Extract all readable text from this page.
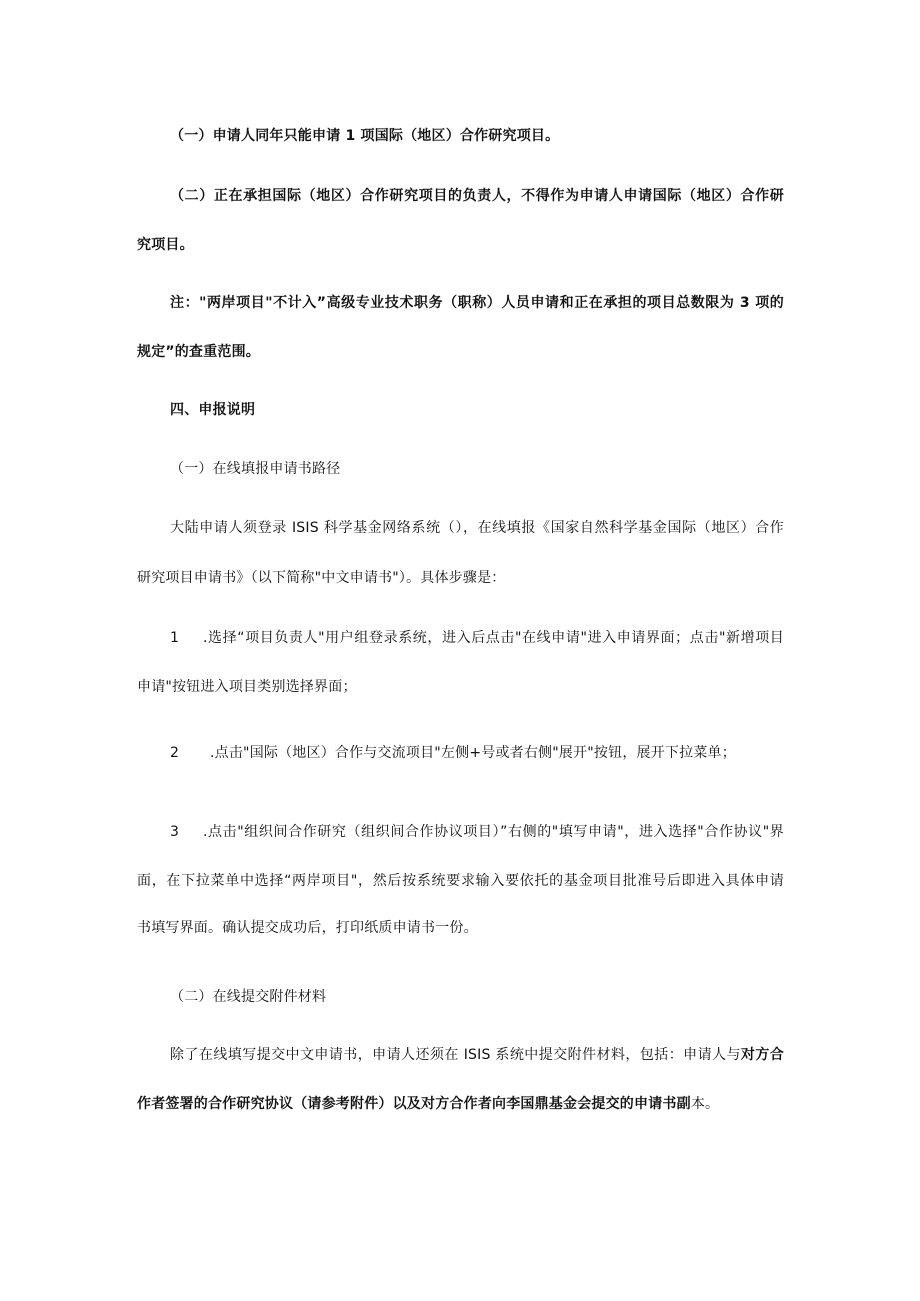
（一）申请人同年只能申请 1 项国际（地区）合作研究项目。
（二）正在承担国际（地区）合作研究项目的负责人，不得作为申请人申请国际（地区）合作研
究项目。
注："两岸项目"不计入”高级专业技术职务（职称）人员申请和正在承担的项目总数限为 3 项的
规定”的查重范围。
四、申报说明
（一）在线填报申请书路径
大陆申请人须登录 ISIS 科学基金网络系统（），在线填报《国家自然科学基金国际（地区）合作
研究项目申请书》（以下简称"中文申请书"）。具体步骤是：
1 .选择“项目负责人"用户组登录系统，进入后点击"在线申请"进入申请界面；点击"新增项目
申请"按钮进入项目类别选择界面；
2 .点击"国际（地区）合作与交流项目"左侧+号或者右侧"展开"按钮，展开下拉菜单；
3 .点击"组织间合作研究（组织间合作协议项目）”右侧的"填写申请"，进入选择"合作协议"界
面，在下拉菜单中选择“两岸项目"，然后按系统要求输入要依托的基金项目批准号后即进入具体申请
书填写界面。确认提交成功后，打印纸质申请书一份。
（二）在线提交附件材料
除了在线填写提交中文申请书，申请人还须在 ISIS 系统中提交附件材料，包括：申请人与对方合
作者签署的合作研究协议（请参考附件）以及对方合作者向李国鼎基金会提交的申请书副本。
